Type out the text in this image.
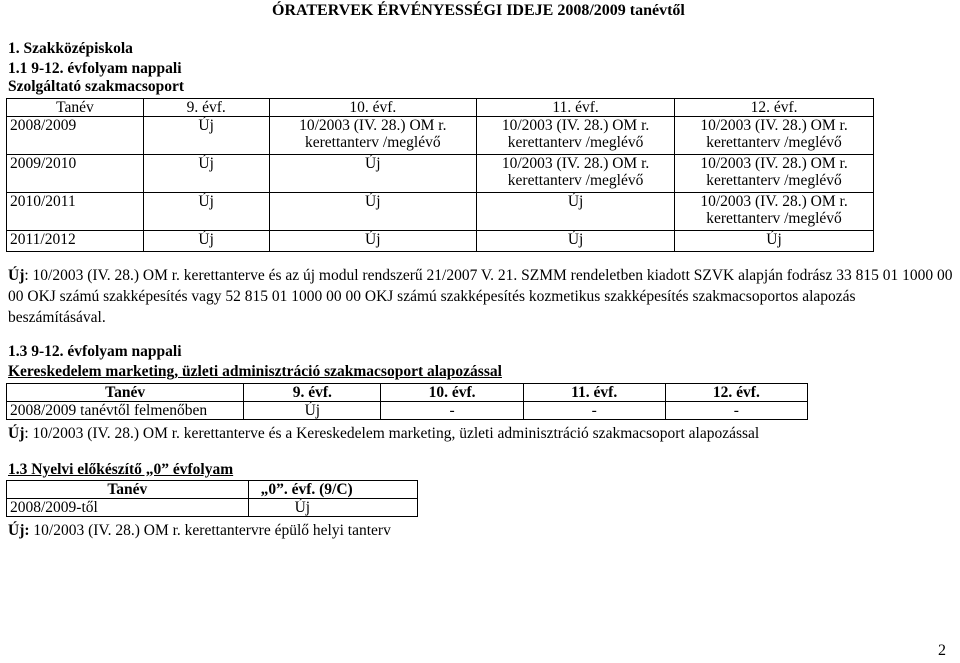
ÓRATERVEK ÉRVÉNYESSÉGI IDEJE 2008/2009 tanévtől
1. Szakközépiskola
1.1 9-12. évfolyam nappali
Szolgáltató szakmacsoport
Tanév	9. évf.	10. évf.	11. évf.	12. évf.
2008/2009	Új	10/2003 (IV. 28.) OM r. kerettanterv /meglévő	10/2003 (IV. 28.) OM r. kerettanterv /meglévő	10/2003 (IV. 28.) OM r. kerettanterv /meglévő
2009/2010	Új	Új	10/2003 (IV. 28.) OM r. kerettanterv /meglévő	10/2003 (IV. 28.) OM r. kerettanterv /meglévő
2010/2011	Új	Új	Új	10/2003 (IV. 28.) OM r. kerettanterv /meglévő
2011/2012	Új	Új	Új	Új

Új: 10/2003 (IV. 28.) OM r. kerettanterve és az új modul rendszerű 21/2007 V. 21. SZMM rendeletben kiadott SZVK alapján fodrász 33 815 01 1000 00 00 OKJ számú szakképesítés vagy 52 815 01 1000 00 00 OKJ számú szakképesítés kozmetikus szakképesítés szakmacsoportos alapozás beszámításával.

1.3 9-12. évfolyam nappali
Kereskedelem marketing, üzleti adminisztráció szakmacsoport alapozással
Tanév	9. évf.	10. évf.	11. évf.	12. évf.
2008/2009 tanévtől felmenőben	Új	-	-	-
Új: 10/2003 (IV. 28.) OM r. kerettanterve és a Kereskedelem marketing, üzleti adminisztráció szakmacsoport alapozással
1.3 Nyelvi előkészítő „0” évfolyam
Tanév	„0”. évf. (9/C)
2008/2009-től	Új
Új: 10/2003 (IV. 28.) OM r. kerettantervre épülő helyi tanterv
2
